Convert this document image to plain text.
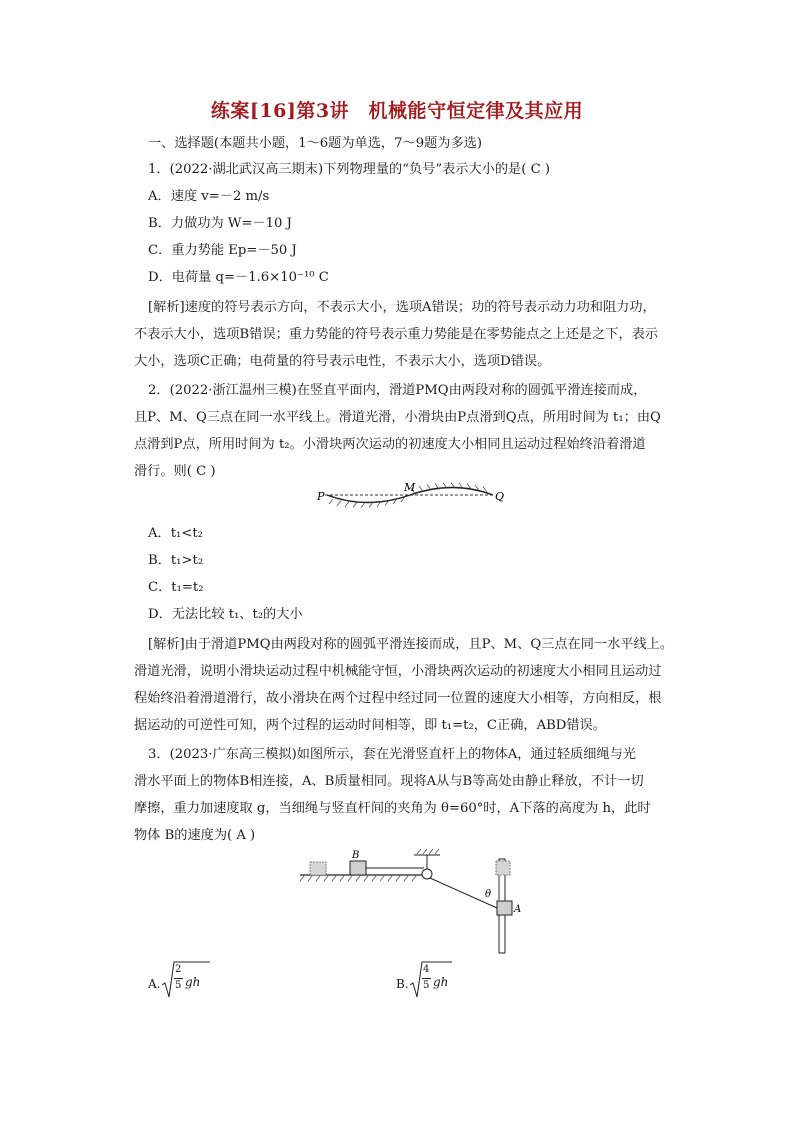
练案[16]第3讲　机械能守恒定律及其应用
一、选择题(本题共小题，1～6题为单选，7～9题为多选)
1．(2022·湖北武汉高三期末)下列物理量的“负号”表示大小的是( C )
A．速度 v=－2 m/s
B．力做功为 W=－10 J
C．重力势能 Ep=－50 J
D．电荷量 q=－1.6×10⁻¹⁰ C
[解析]速度的符号表示方向，不表示大小，选项A错误；功的符号表示动力功和阻力功，
不表示大小，选项B错误；重力势能的符号表示重力势能是在零势能点之上还是之下，表示
大小，选项C正确；电荷量的符号表示电性，不表示大小，选项D错误。
2．(2022·浙江温州三模)在竖直平面内，滑道PMQ由两段对称的圆弧平滑连接而成，
且P、M、Q三点在同一水平线上。滑道光滑，小滑块由P点滑到Q点，所用时间为 t₁；由Q
点滑到P点，所用时间为 t₂。小滑块两次运动的初速度大小相同且运动过程始终沿着滑道
滑行。则( C )
P
M
Q
A．t₁<t₂
B．t₁>t₂
C．t₁=t₂
D．无法比较 t₁、t₂的大小
[解析]由于滑道PMQ由两段对称的圆弧平滑连接而成，且P、M、Q三点在同一水平线上。
滑道光滑，说明小滑块运动过程中机械能守恒，小滑块两次运动的初速度大小相同且运动过
程始终沿着滑道滑行，故小滑块在两个过程中经过同一位置的速度大小相等，方向相反，根
据运动的可逆性可知，两个过程的运动时间相等，即 t₁=t₂，C正确，ABD错误。
3．(2023·广东高三模拟)如图所示，套在光滑竖直杆上的物体A，通过轻质细绳与光
滑水平面上的物体B相连接，A、B质量相同。现将A从与B等高处由静止释放，不计一切
摩擦，重力加速度取 g，当细绳与竖直杆间的夹角为 θ=60°时，A下落的高度为 h，此时
物体 B的速度为( A )
B
θ
A
A.
2
5 gh	B.
4
5 gh
